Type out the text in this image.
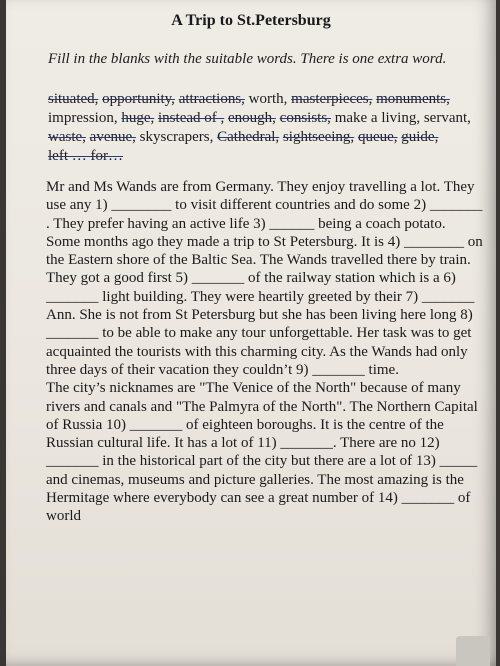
A Trip to St.Petersburg
Fill in the blanks with the suitable words. There is one extra word.
situated, opportunity, attractions, worth, masterpieces, monuments, impression, huge, instead of , enough, consists, make a living, servant, waste, avenue, skyscrapers, Cathedral, sightseeing, queue, guide, left … for…

Mr and Ms Wands are from Germany. They enjoy travelling a lot. They use any 1) ________ to visit different countries and do some 2) _______ . They prefer having an active life 3) ______ being a coach potato.

Some months ago they made a trip to St Petersburg. It is 4) ________ on the Eastern shore of the Baltic Sea. The Wands travelled there by train. They got a good first 5) _______ of the railway station which is a 6) _______ light building. They were heartily greeted by their 7) _______ Ann. She is not from St Petersburg but she has been living here long 8) _______ to be able to make any tour unforgettable. Her task was to get acquainted the tourists with this charming city. As the Wands had only three days of their vacation they couldn’t 9) _______ time.

The city’s nicknames are "The Venice of the North" because of many rivers and canals and "The Palmyra of the North". The Northern Capital of Russia 10) _______ of eighteen boroughs. It is the centre of the Russian cultural life. It has a lot of 11) _______. There are no 12) _______ in the historical part of the city but there are a lot of 13) _____ and cinemas, museums and picture galleries. The most amazing is the Hermitage where everybody can see a great number of 14) _______ of world
